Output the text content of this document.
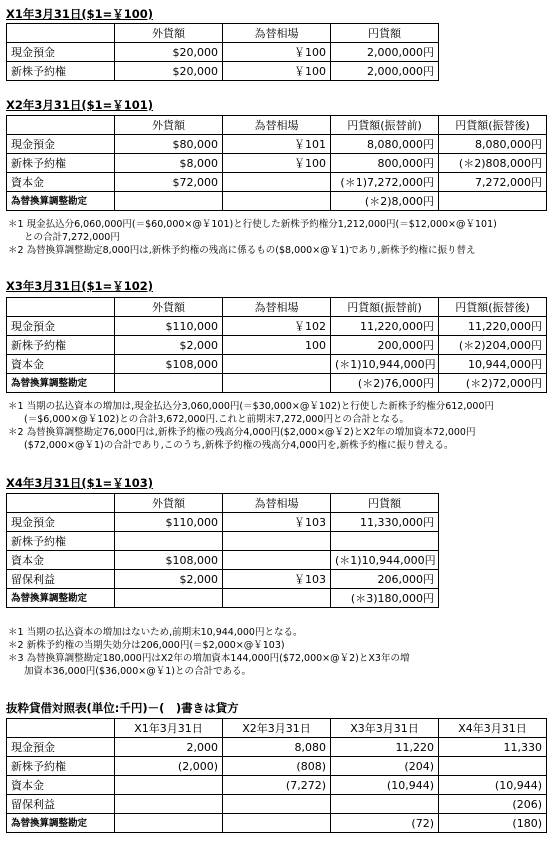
X1年3月31日($1=￥100)
	外貨額	為替相場	円貨額
現金預金	$20,000	￥100	2,000,000円
新株予約権	$20,000	￥100	2,000,000円
X2年3月31日($1=￥101)
	外貨額	為替相場	円貨額(振替前)	円貨額(振替後)
現金預金	$80,000	￥101	8,080,000円	8,080,000円
新株予約権	$8,000	￥100	800,000円	(＊2)808,000円
資本金	$72,000		(＊1)7,272,000円	7,272,000円
為替換算調整勘定			(＊2)8,000円	
＊1 現金払込分6,060,000円(＝$60,000×@￥101)と行使した新株予約権分1,212,000円(＝$12,000×@￥101)
との合計7,272,000円
＊2 為替換算調整勘定8,000円は,新株予約権の残高に係るもの($8,000×@￥1)であり,新株予約権に振り替え
X3年3月31日($1=￥102)
	外貨額	為替相場	円貨額(振替前)	円貨額(振替後)
現金預金	$110,000	￥102	11,220,000円	11,220,000円
新株予約権	$2,000	100	200,000円	(＊2)204,000円
資本金	$108,000		(＊1)10,944,000円	10,944,000円
為替換算調整勘定			(＊2)76,000円	(＊2)72,000円
＊1 当期の払込資本の増加は,現金払込分3,060,000円(＝$30,000×@￥102)と行使した新株予約権分612,000円
(＝$6,000×@￥102)との合計3,672,000円.これと前期末7,272,000円との合計となる。
＊2 為替換算調整勘定76,000円は,新株予約権の残高分4,000円($2,000×@￥2)とX2年の増加資本72,000円
($72,000×@￥1)の合計であり,このうち,新株予約権の残高分4,000円を,新株予約権に振り替える。
X4年3月31日($1=￥103)
	外貨額	為替相場	円貨額
現金預金	$110,000	￥103	11,330,000円
新株予約権			
資本金	$108,000		(＊1)10,944,000円
留保利益	$2,000	￥103	206,000円
為替換算調整勘定			(＊3)180,000円
＊1 当期の払込資本の増加はないため,前期末10,944,000円となる。
＊2 新株予約権の当期失効分は206,000円(＝$2,000×@￥103)
＊3 為替換算調整勘定180,000円はX2年の増加資本144,000円($72,000×@￥2)とX3年の増
加資本36,000円($36,000×@￥1)との合計である。
抜粋貸借対照表(単位:千円)－(　)書きは貸方
	X1年3月31日	X2年3月31日	X3年3月31日	X4年3月31日
現金預金	2,000	8,080	11,220	11,330
新株予約権	(2,000)	(808)	(204)	
資本金		(7,272)	(10,944)	(10,944)
留保利益				(206)
為替換算調整勘定			(72)	(180)
